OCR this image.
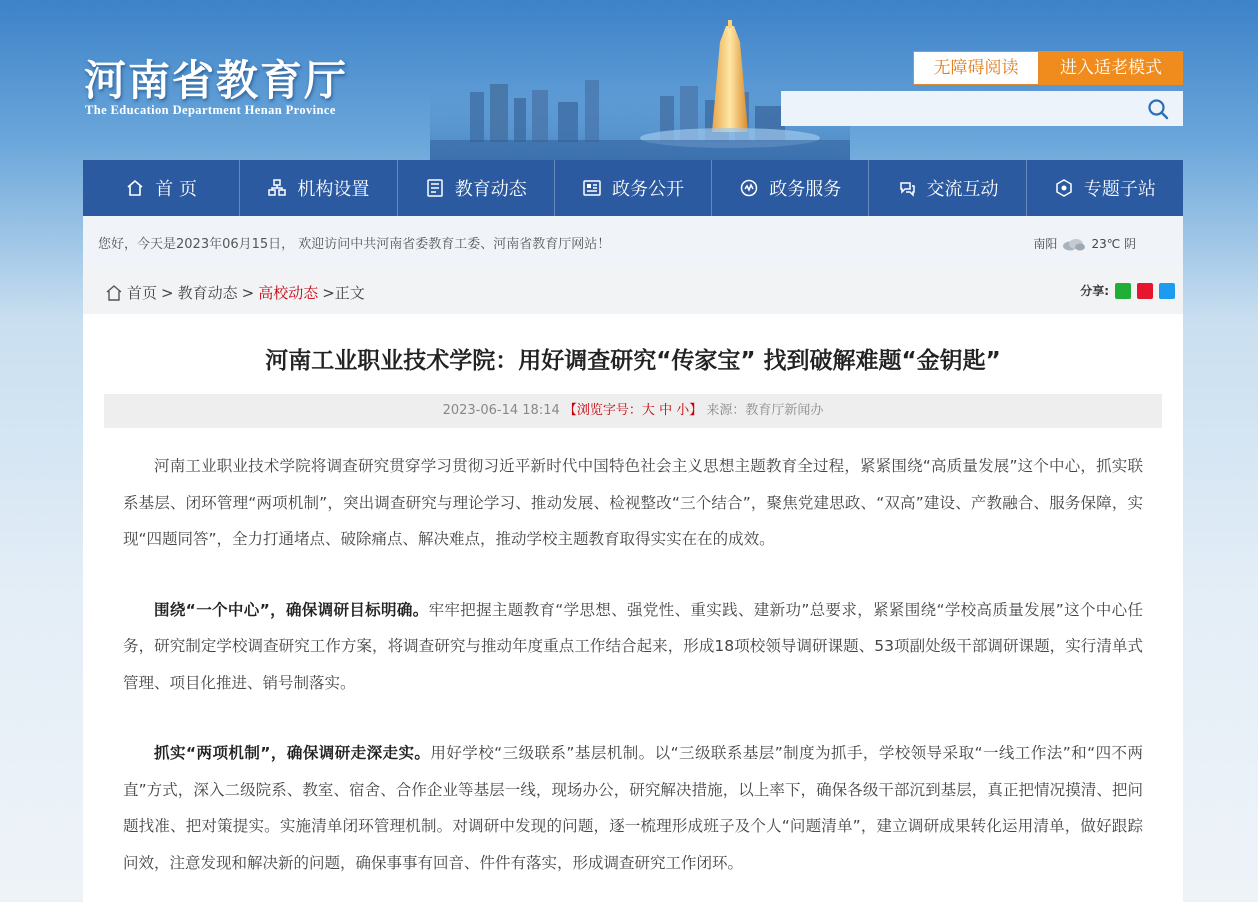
河南省教育厅
The Education Department Henan Province
无障碍阅读	进入适老模式
首 页	机构设置	教育动态	政务公开	政务服务	交流互动	专题子站
您好，今天是2023年06月15日， 欢迎访问中共河南省委教育工委、河南省教育厅网站！	南阳	23℃ 阴
首页 > 教育动态 > 高校动态 >正文	分享:
河南工业职业技术学院：用好调查研究“传家宝” 找到破解难题“金钥匙”
2023-06-14 18:14 【浏览字号：大 中 小】 来源：教育厅新闻办

河南工业职业技术学院将调查研究贯穿学习贯彻习近平新时代中国特色社会主义思想主题教育全过程，紧紧围绕“高质量发展”这个中心，抓实联系基层、闭环管理“两项机制”，突出调查研究与理论学习、推动发展、检视整改“三个结合”，聚焦党建思政、“双高”建设、产教融合、服务保障，实现“四题同答”，全力打通堵点、破除痛点、解决难点，推动学校主题教育取得实实在在的成效。

围绕“一个中心”，确保调研目标明确。牢牢把握主题教育“学思想、强党性、重实践、建新功”总要求，紧紧围绕“学校高质量发展”这个中心任务，研究制定学校调查研究工作方案，将调查研究与推动年度重点工作结合起来，形成18项校领导调研课题、53项副处级干部调研课题，实行清单式管理、项目化推进、销号制落实。

抓实“两项机制”，确保调研走深走实。用好学校“三级联系”基层机制。以“三级联系基层”制度为抓手，学校领导采取“一线工作法”和“四不两直”方式，深入二级院系、教室、宿舍、合作企业等基层一线，现场办公，研究解决措施，以上率下，确保各级干部沉到基层，真正把情况摸清、把问题找准、把对策提实。实施清单闭环管理机制。对调研中发现的问题，逐一梳理形成班子及个人“问题清单”，建立调研成果转化运用清单，做好跟踪问效，注意发现和解决新的问题，确保事事有回音、件件有落实，形成调查研究工作闭环。
